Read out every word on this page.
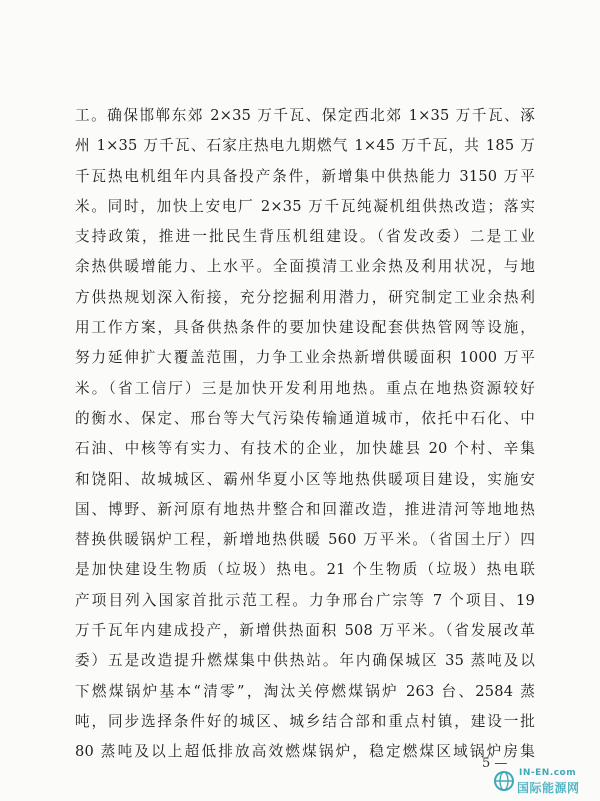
工。确保邯郸东郊 2×35 万千瓦、保定西北郊 1×35 万千瓦、涿
州 1×35 万千瓦、石家庄热电九期燃气 1×45 万千瓦，共 185 万
千瓦热电机组年内具备投产条件，新增集中供热能力 3150 万平
米。同时，加快上安电厂 2×35 万千瓦纯凝机组供热改造；落实
支持政策，推进一批民生背压机组建设。（省发改委）二是工业
余热供暖增能力、上水平。全面摸清工业余热及利用状况，与地
方供热规划深入衔接，充分挖掘利用潜力，研究制定工业余热利
用工作方案，具备供热条件的要加快建设配套供热管网等设施，
努力延伸扩大覆盖范围，力争工业余热新增供暖面积 1000 万平
米。（省工信厅）三是加快开发利用地热。重点在地热资源较好
的衡水、保定、邢台等大气污染传输通道城市，依托中石化、中
石油、中核等有实力、有技术的企业，加快雄县 20 个村、辛集
和饶阳、故城城区、霸州华夏小区等地热供暖项目建设，实施安
国、博野、新河原有地热井整合和回灌改造，推进清河等地地热
替换供暖锅炉工程，新增地热供暖 560 万平米。（省国土厅）四
是加快建设生物质（垃圾）热电。21 个生物质（垃圾）热电联
产项目列入国家首批示范工程。力争邢台广宗等 7 个项目、19
万千瓦年内建成投产，新增供热面积 508 万平米。（省发展改革
委）五是改造提升燃煤集中供热站。年内确保城区 35 蒸吨及以
下燃煤锅炉基本“清零”，淘汰关停燃煤锅炉 263 台、2584 蒸
吨，同步选择条件好的城区、城乡结合部和重点村镇，建设一批
80 蒸吨及以上超低排放高效燃煤锅炉，稳定燃煤区域锅炉房集
5 —
IN-EN.com
国际能源网
